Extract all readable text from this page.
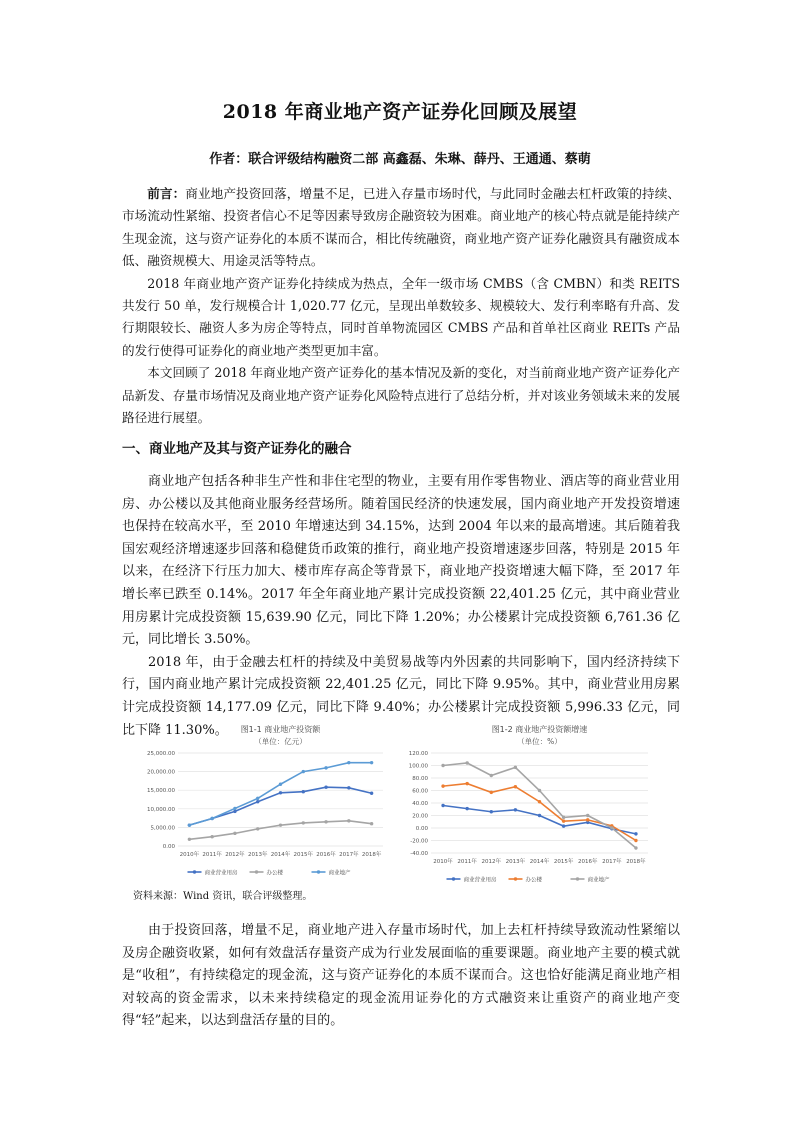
2018 年商业地产资产证券化回顾及展望
作者：联合评级结构融资二部 高鑫磊、朱琳、薛丹、王通通、蔡萌

前言：商业地产投资回落，增量不足，已进入存量市场时代，与此同时金融去杠杆政策的持续、市场流动性紧缩、投资者信心不足等因素导致房企融资较为困难。商业地产的核心特点就是能持续产生现金流，这与资产证券化的本质不谋而合，相比传统融资，商业地产资产证券化融资具有融资成本低、融资规模大、用途灵活等特点。

2018 年商业地产资产证券化持续成为热点，全年一级市场 CMBS（含 CMBN）和类 REITS 共发行 50 单，发行规模合计 1,020.77 亿元，呈现出单数较多、规模较大、发行利率略有升高、发行期限较长、融资人多为房企等特点，同时首单物流园区 CMBS 产品和首单社区商业 REITs 产品的发行使得可证券化的商业地产类型更加丰富。

本文回顾了 2018 年商业地产资产证券化的基本情况及新的变化，对当前商业地产资产证券化产品新发、存量市场情况及商业地产资产证券化风险特点进行了总结分析，并对该业务领域未来的发展路径进行展望。

一、商业地产及其与资产证券化的融合

商业地产包括各种非生产性和非住宅型的物业，主要有用作零售物业、酒店等的商业营业用房、办公楼以及其他商业服务经营场所。随着国民经济的快速发展，国内商业地产开发投资增速也保持在较高水平，至 2010 年增速达到 34.15%，达到 2004 年以来的最高增速。其后随着我国宏观经济增速逐步回落和稳健货币政策的推行，商业地产投资增速逐步回落，特别是 2015 年以来，在经济下行压力加大、楼市库存高企等背景下，商业地产投资增速大幅下降，至 2017 年增长率已跌至 0.14%。2017 年全年商业地产累计完成投资额 22,401.25 亿元，其中商业营业用房累计完成投资额 15,639.90 亿元，同比下降 1.20%；办公楼累计完成投资额 6,761.36 亿元，同比增长 3.50%。

2018 年，由于金融去杠杆的持续及中美贸易战等内外因素的共同影响下，国内经济持续下行，国内商业地产累计完成投资额 22,401.25 亿元，同比下降 9.95%。其中，商业营业用房累计完成投资额 14,177.09 亿元，同比下降 9.40%；办公楼累计完成投资额 5,996.33 亿元，同比下降 11.30%。	图1-1 商业地产投资额
（单位：亿元）
0.00
5,000.00
10,000.00
15,000.00
20,000.00
25,000.00
2010年 2011年 2012年 2013年 2014年 2015年 2016年 2017年 2018年
商业营业用房	办公楼	商业地产
图1-2 商业地产投资额增速
（单位：%）
-40.00
-20.00
0.00
20.00
40.00
60.00
80.00
100.00
120.00
2010年 2011年 2012年 2013年 2014年 2015年 2016年 2017年 2018年
商业营业用房	办公楼	商业地产
资料来源：Wind 资讯，联合评级整理。

由于投资回落，增量不足，商业地产进入存量市场时代，加上去杠杆持续导致流动性紧缩以及房企融资收紧，如何有效盘活存量资产成为行业发展面临的重要课题。商业地产主要的模式就是“收租”，有持续稳定的现金流，这与资产证券化的本质不谋而合。这也恰好能满足商业地产相对较高的资金需求，以未来持续稳定的现金流用证券化的方式融资来让重资产的商业地产变得“轻”起来，以达到盘活存量的目的。
